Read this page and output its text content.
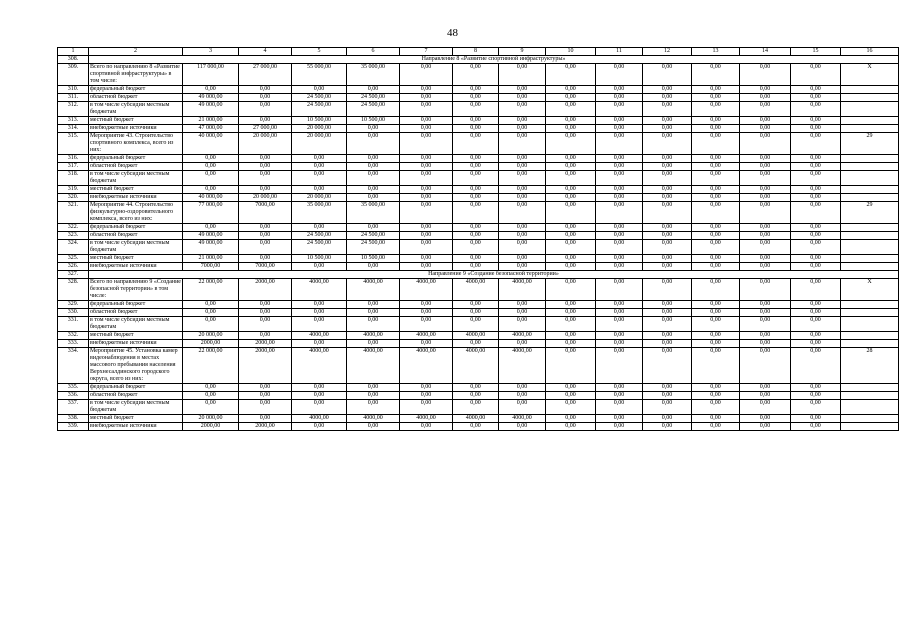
48
1	2	3	4	5	6	7	8	9	10	11	12	13	14	15	16
308.	Направление 8 «Развитие спортивной инфраструктуры»														
309.	Всего по направлению 8 «Развитие спортивной инфраструктуры» в том числе:	117 000,00	27 000,00	55 000,00	35 000,00	0,00	0,00	0,00	0,00	0,00	0,00	0,00	0,00	0,00	X
310.	федеральный бюджет	0,00	0,00	0,00	0,00	0,00	0,00	0,00	0,00	0,00	0,00	0,00	0,00	0,00	
311.	областной бюджет	49 000,00	0,00	24 500,00	24 500,00	0,00	0,00	0,00	0,00	0,00	0,00	0,00	0,00	0,00	
312.	в том числе субсидии местным бюджетам	49 000,00	0,00	24 500,00	24 500,00	0,00	0,00	0,00	0,00	0,00	0,00	0,00	0,00	0,00	
313.	местный бюджет	21 000,00	0,00	10 500,00	10 500,00	0,00	0,00	0,00	0,00	0,00	0,00	0,00	0,00	0,00	
314.	внебюджетные источники	47 000,00	27 000,00	20 000,00	0,00	0,00	0,00	0,00	0,00	0,00	0,00	0,00	0,00	0,00	
315.	Мероприятие 43. Строительство спортивного комплекса, всего из них:	40 000,00	20 000,00	20 000,00	0,00	0,00	0,00	0,00	0,00	0,00	0,00	0,00	0,00	0,00	29
316.	федеральный бюджет	0,00	0,00	0,00	0,00	0,00	0,00	0,00	0,00	0,00	0,00	0,00	0,00	0,00	
317.	областной бюджет	0,00	0,00	0,00	0,00	0,00	0,00	0,00	0,00	0,00	0,00	0,00	0,00	0,00	
318.	в том числе субсидии местным бюджетам	0,00	0,00	0,00	0,00	0,00	0,00	0,00	0,00	0,00	0,00	0,00	0,00	0,00	
319.	местный бюджет	0,00	0,00	0,00	0,00	0,00	0,00	0,00	0,00	0,00	0,00	0,00	0,00	0,00	
320.	внебюджетные источники	40 000,00	20 000,00	20 000,00	0,00	0,00	0,00	0,00	0,00	0,00	0,00	0,00	0,00	0,00	
321.	Мероприятие 44. Строительство физкультурно-оздоровительного комплекса, всего из них:	77 000,00	7000,00	35 000,00	35 000,00	0,00	0,00	0,00	0,00	0,00	0,00	0,00	0,00	0,00	29
322.	федеральный бюджет	0,00	0,00	0,00	0,00	0,00	0,00	0,00	0,00	0,00	0,00	0,00	0,00	0,00	
323.	областной бюджет	49 000,00	0,00	24 500,00	24 500,00	0,00	0,00	0,00	0,00	0,00	0,00	0,00	0,00	0,00	
324.	в том числе субсидии местным бюджетам	49 000,00	0,00	24 500,00	24 500,00	0,00	0,00	0,00	0,00	0,00	0,00	0,00	0,00	0,00	
325.	местный бюджет	21 000,00	0,00	10 500,00	10 500,00	0,00	0,00	0,00	0,00	0,00	0,00	0,00	0,00	0,00	
326.	внебюджетные источники	7000,00	7000,00	0,00	0,00	0,00	0,00	0,00	0,00	0,00	0,00	0,00	0,00	0,00	
327.	Направление 9 «Создание безопасной территории»														
328.	Всего по направлению 9 «Создание безопасной территории» в том числе:	22 000,00	2000,00	4000,00	4000,00	4000,00	4000,00	4000,00	0,00	0,00	0,00	0,00	0,00	0,00	X
329.	федеральный бюджет	0,00	0,00	0,00	0,00	0,00	0,00	0,00	0,00	0,00	0,00	0,00	0,00	0,00	
330.	областной бюджет	0,00	0,00	0,00	0,00	0,00	0,00	0,00	0,00	0,00	0,00	0,00	0,00	0,00	
331.	в том числе субсидии местным бюджетам	0,00	0,00	0,00	0,00	0,00	0,00	0,00	0,00	0,00	0,00	0,00	0,00	0,00	
332.	местный бюджет	20 000,00	0,00	4000,00	4000,00	4000,00	4000,00	4000,00	0,00	0,00	0,00	0,00	0,00	0,00	
333.	внебюджетные источники	2000,00	2000,00	0,00	0,00	0,00	0,00	0,00	0,00	0,00	0,00	0,00	0,00	0,00	
334.	Мероприятие 45. Установка камер видеонаблюдения в местах массового пребывания населения Верхнесалдинского городского округа, всего из них:	22 000,00	2000,00	4000,00	4000,00	4000,00	4000,00	4000,00	0,00	0,00	0,00	0,00	0,00	0,00	28
335.	федеральный бюджет	0,00	0,00	0,00	0,00	0,00	0,00	0,00	0,00	0,00	0,00	0,00	0,00	0,00	
336.	областной бюджет	0,00	0,00	0,00	0,00	0,00	0,00	0,00	0,00	0,00	0,00	0,00	0,00	0,00	
337.	в том числе субсидии местным бюджетам	0,00	0,00	0,00	0,00	0,00	0,00	0,00	0,00	0,00	0,00	0,00	0,00	0,00	
338.	местный бюджет	20 000,00	0,00	4000,00	4000,00	4000,00	4000,00	4000,00	0,00	0,00	0,00	0,00	0,00	0,00	
339.	внебюджетные источники	2000,00	2000,00	0,00	0,00	0,00	0,00	0,00	0,00	0,00	0,00	0,00	0,00	0,00	
